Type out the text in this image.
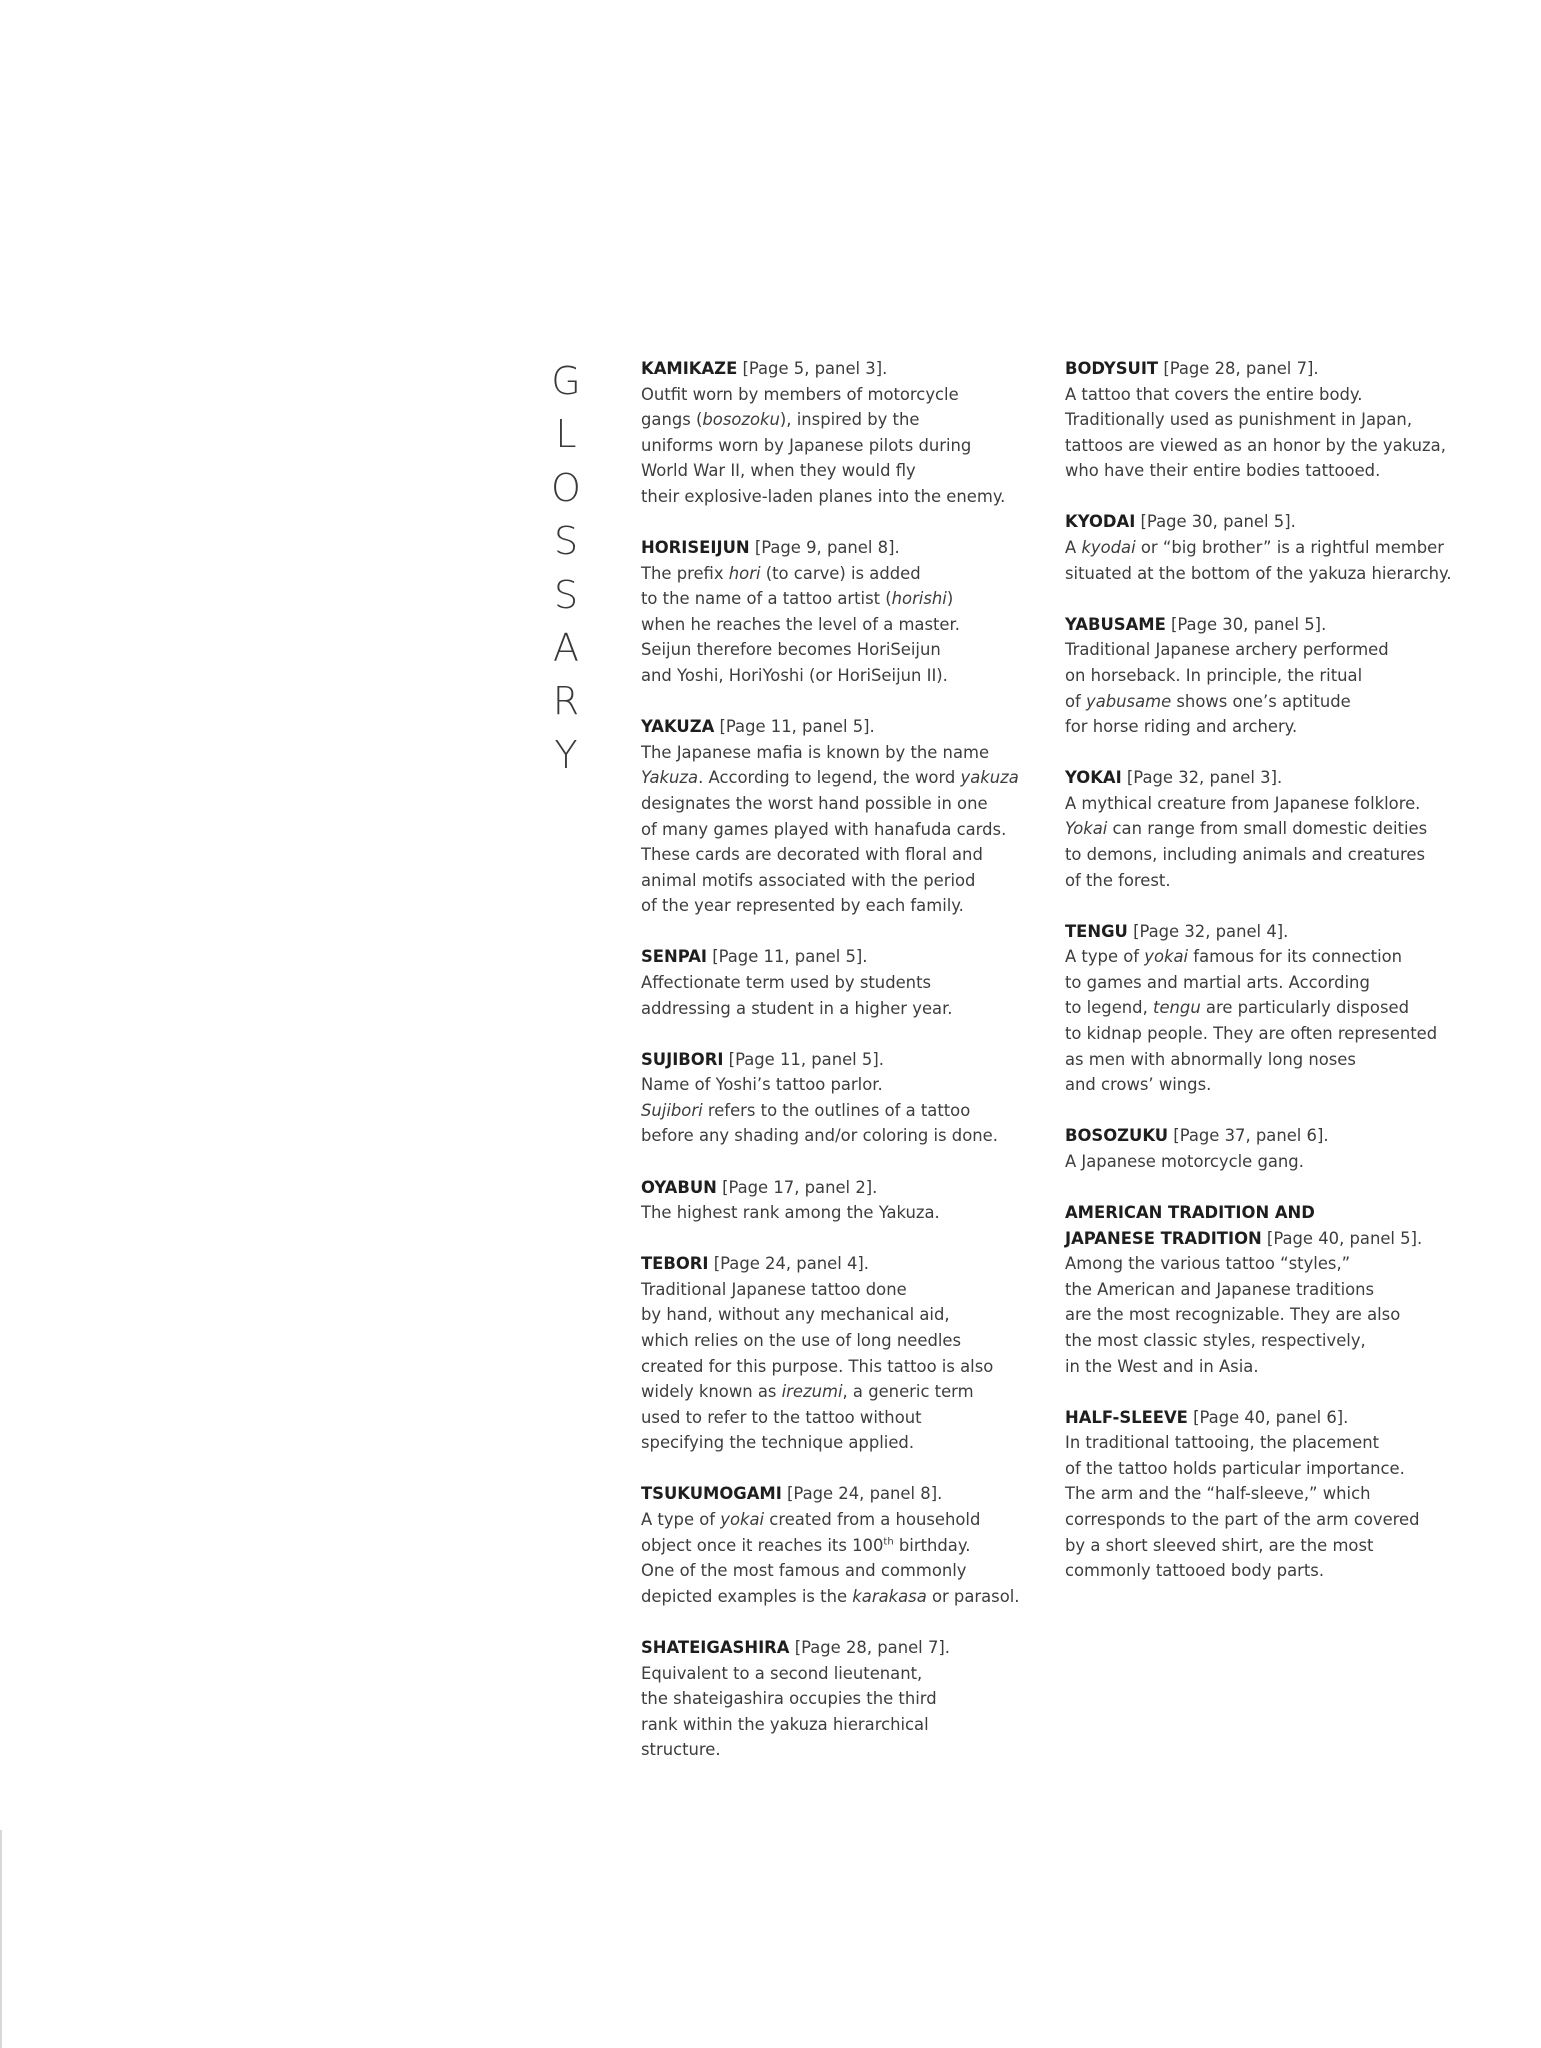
G
L
O
S
S
A
R
Y

KAMIKAZE [Page 5, panel 3].

Outfit worn by members of motorcycle

gangs (bosozoku), inspired by the

uniforms worn by Japanese pilots during

World War II, when they would fly

their explosive-laden planes into the enemy.

HORISEIJUN [Page 9, panel 8].

The prefix hori (to carve) is added

to the name of a tattoo artist (horishi)

when he reaches the level of a master.

Seijun therefore becomes HoriSeijun

and Yoshi, HoriYoshi (or HoriSeijun II).

YAKUZA [Page 11, panel 5].

The Japanese mafia is known by the name

Yakuza. According to legend, the word yakuza

designates the worst hand possible in one

of many games played with hanafuda cards.

These cards are decorated with floral and

animal motifs associated with the period

of the year represented by each family.

SENPAI [Page 11, panel 5].

Affectionate term used by students

addressing a student in a higher year.

SUJIBORI [Page 11, panel 5].

Name of Yoshi’s tattoo parlor.

Sujibori refers to the outlines of a tattoo

before any shading and/or coloring is done.

OYABUN [Page 17, panel 2].

The highest rank among the Yakuza.

TEBORI [Page 24, panel 4].

Traditional Japanese tattoo done

by hand, without any mechanical aid,

which relies on the use of long needles

created for this purpose. This tattoo is also

widely known as irezumi, a generic term

used to refer to the tattoo without

specifying the technique applied.

TSUKUMOGAMI [Page 24, panel 8].

A type of yokai created from a household

object once it reaches its 100th birthday.

One of the most famous and commonly

depicted examples is the karakasa or parasol.

SHATEIGASHIRA [Page 28, panel 7].

Equivalent to a second lieutenant,

the shateigashira occupies the third

rank within the yakuza hierarchical

structure.

BODYSUIT [Page 28, panel 7].

A tattoo that covers the entire body.

Traditionally used as punishment in Japan,

tattoos are viewed as an honor by the yakuza,

who have their entire bodies tattooed.

KYODAI [Page 30, panel 5].

A kyodai or “big brother” is a rightful member

situated at the bottom of the yakuza hierarchy.

YABUSAME [Page 30, panel 5].

Traditional Japanese archery performed

on horseback. In principle, the ritual

of yabusame shows one’s aptitude

for horse riding and archery.

YOKAI [Page 32, panel 3].

A mythical creature from Japanese folklore.

Yokai can range from small domestic deities

to demons, including animals and creatures

of the forest.

TENGU [Page 32, panel 4].

A type of yokai famous for its connection

to games and martial arts. According

to legend, tengu are particularly disposed

to kidnap people. They are often represented

as men with abnormally long noses

and crows’ wings.

BOSOZUKU [Page 37, panel 6].

A Japanese motorcycle gang.

AMERICAN TRADITION AND

JAPANESE TRADITION [Page 40, panel 5].

Among the various tattoo “styles,”

the American and Japanese traditions

are the most recognizable. They are also

the most classic styles, respectively,

in the West and in Asia.

HALF-SLEEVE [Page 40, panel 6].

In traditional tattooing, the placement

of the tattoo holds particular importance.

The arm and the “half-sleeve,” which

corresponds to the part of the arm covered

by a short sleeved shirt, are the most

commonly tattooed body parts.
